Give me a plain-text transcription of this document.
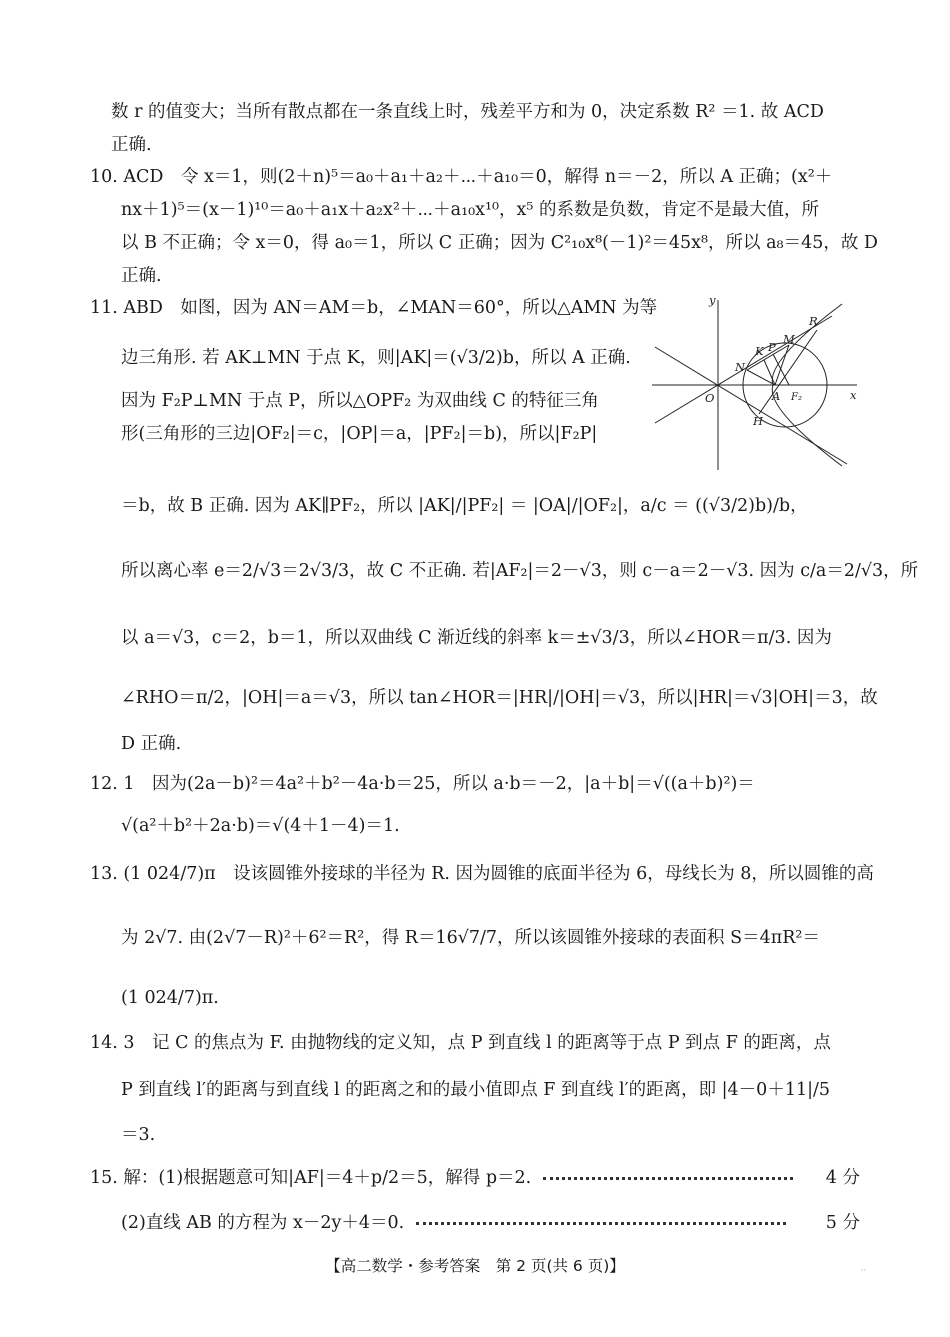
数 r 的值变大；当所有散点都在一条直线上时，残差平方和为 0，决定系数 R² ＝1. 故 ACD
正确.
10. ACD　令 x＝1，则(2＋n)⁵＝a₀＋a₁＋a₂＋⋯＋a₁₀＝0，解得 n＝－2，所以 A 正确；(x²＋
nx＋1)⁵＝(x－1)¹⁰＝a₀＋a₁x＋a₂x²＋⋯＋a₁₀x¹⁰，x⁵ 的系数是负数，肯定不是最大值，所
以 B 不正确；令 x＝0，得 a₀＝1，所以 C 正确；因为 C²₁₀x⁸(－1)²＝45x⁸，所以 a₈＝45，故 D
正确.
11. ABD　如图，因为 AN＝AM＝b，∠MAN＝60°，所以△AMN 为等
边三角形. 若 AK⊥MN 于点 K，则|AK|＝(√3/2)b，所以 A 正确.
因为 F₂P⊥MN 于点 P，所以△OPF₂ 为双曲线 C 的特征三角
形(三角形的三边|OF₂|＝c，|OP|＝a，|PF₂|＝b)，所以|F₂P|
＝b，故 B 正确. 因为 AK∥PF₂，所以 |AK|/|PF₂| ＝ |OA|/|OF₂|，a/c ＝ ((√3/2)b)/b，
所以离心率 e＝2/√3＝2√3/3，故 C 不正确. 若|AF₂|＝2－√3，则 c－a＝2－√3. 因为 c/a＝2/√3，所
以 a＝√3，c＝2，b＝1，所以双曲线 C 渐近线的斜率 k＝±√3/3，所以∠HOR＝π/3. 因为
∠RHO＝π/2，|OH|＝a＝√3，所以 tan∠HOR＝|HR|/|OH|＝√3，所以|HR|＝√3|OH|＝3，故
D 正确.
12. 1　因为(2a－b)²＝4a²＋b²－4a·b＝25，所以 a·b＝－2，|a＋b|＝√((a＋b)²)＝
√(a²＋b²＋2a·b)＝√(4＋1－4)＝1.
13. (1 024/7)π　设该圆锥外接球的半径为 R. 因为圆锥的底面半径为 6，母线长为 8，所以圆锥的高
为 2√7. 由(2√7－R)²＋6²＝R²，得 R＝16√7/7，所以该圆锥外接球的表面积 S＝4πR²＝
(1 024/7)π.
14. 3　记 C 的焦点为 F. 由抛物线的定义知，点 P 到直线 l 的距离等于点 P 到点 F 的距离，点
P 到直线 l′的距离与到直线 l 的距离之和的最小值即点 F 到直线 l′的距离，即 |4－0＋11|/5
＝3.
15. 解：(1)根据题意可知|AF|＝4＋p/2＝5，解得 p＝2.	4 分
(2)直线 AB 的方程为 x－2y＋4＝0.	5 分
y
R
M
P
K
N
O	A F₂	x
H
【高二数学・参考答案　第 2 页(共 6 页)】	··
